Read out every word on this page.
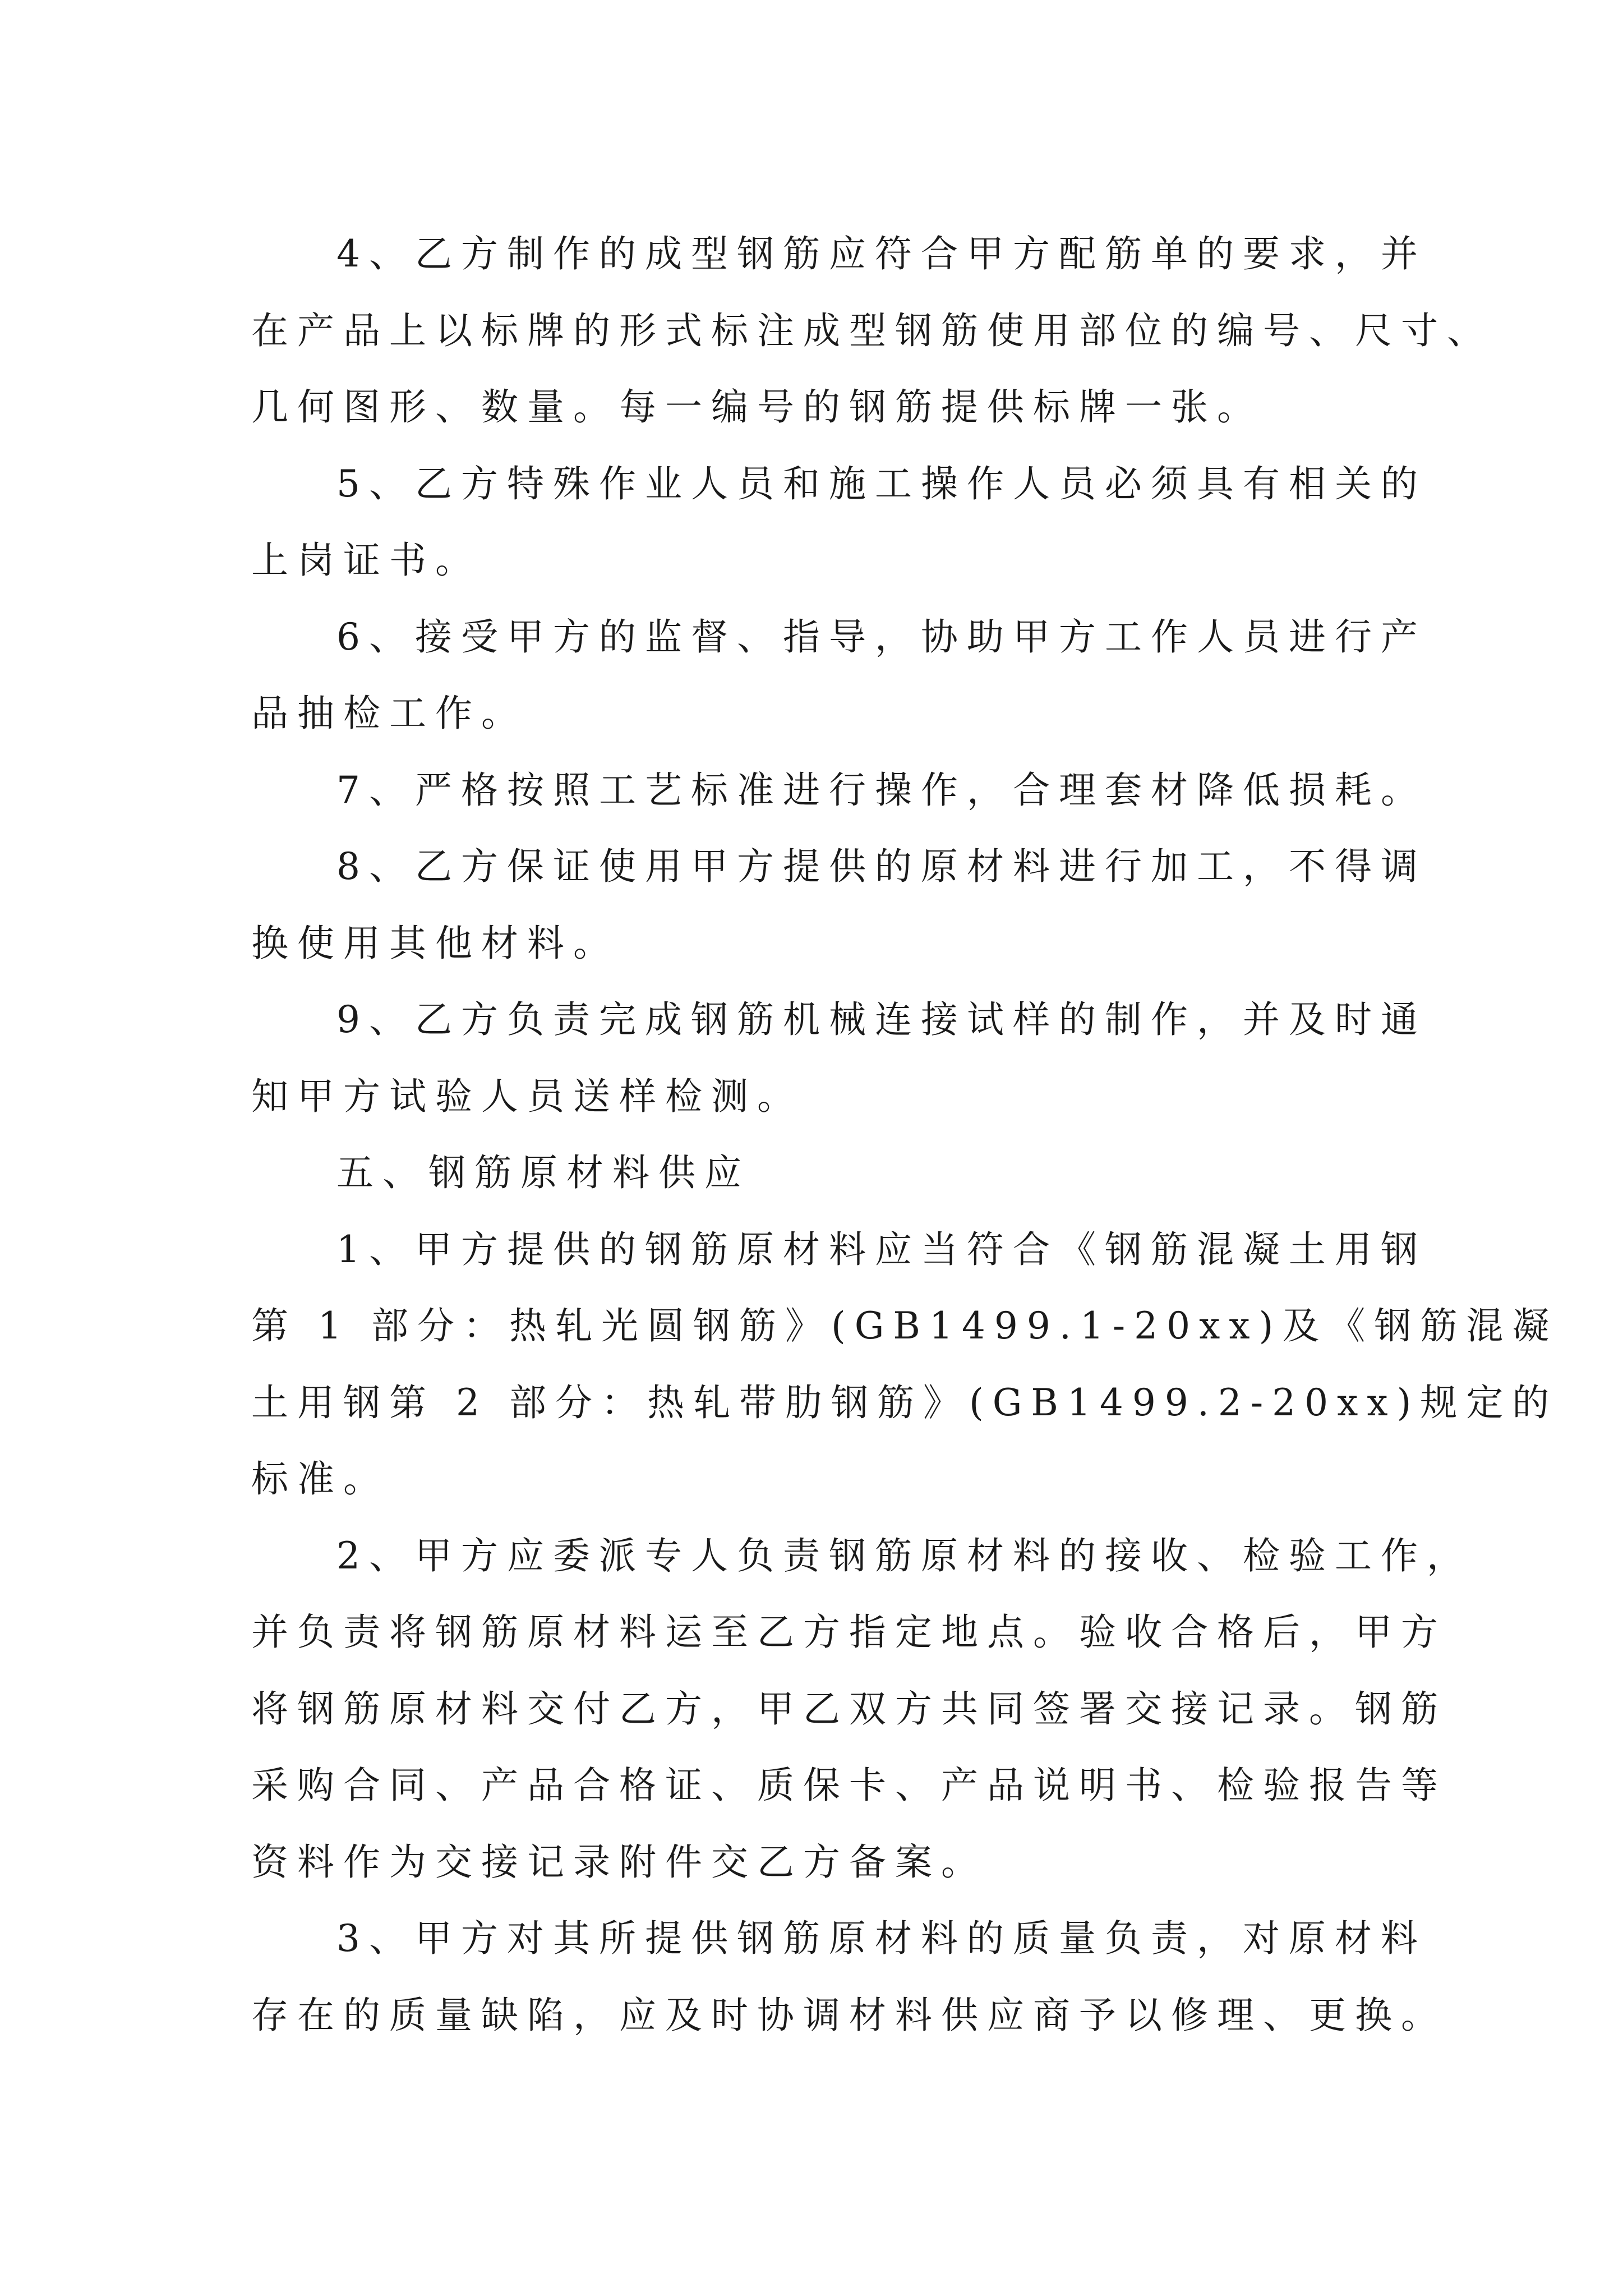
4、乙方制作的成型钢筋应符合甲方配筋单的要求，并
在产品上以标牌的形式标注成型钢筋使用部位的编号、尺寸、
几何图形、数量。每一编号的钢筋提供标牌一张。

5、乙方特殊作业人员和施工操作人员必须具有相关的
上岗证书。

6、接受甲方的监督、指导，协助甲方工作人员进行产
品抽检工作。

7、严格按照工艺标准进行操作，合理套材降低损耗。

8、乙方保证使用甲方提供的原材料进行加工，不得调
换使用其他材料。

9、乙方负责完成钢筋机械连接试样的制作，并及时通
知甲方试验人员送样检测。

五、钢筋原材料供应

1、甲方提供的钢筋原材料应当符合《钢筋混凝土用钢
第 1 部分：热轧光圆钢筋》(GB1499.1-20xx)及《钢筋混凝
土用钢第 2 部分：热轧带肋钢筋》(GB1499.2-20xx)规定的
标准。

2、甲方应委派专人负责钢筋原材料的接收、检验工作，
并负责将钢筋原材料运至乙方指定地点。验收合格后，甲方
将钢筋原材料交付乙方，甲乙双方共同签署交接记录。钢筋
采购合同、产品合格证、质保卡、产品说明书、检验报告等
资料作为交接记录附件交乙方备案。

3、甲方对其所提供钢筋原材料的质量负责，对原材料
存在的质量缺陷，应及时协调材料供应商予以修理、更换。
